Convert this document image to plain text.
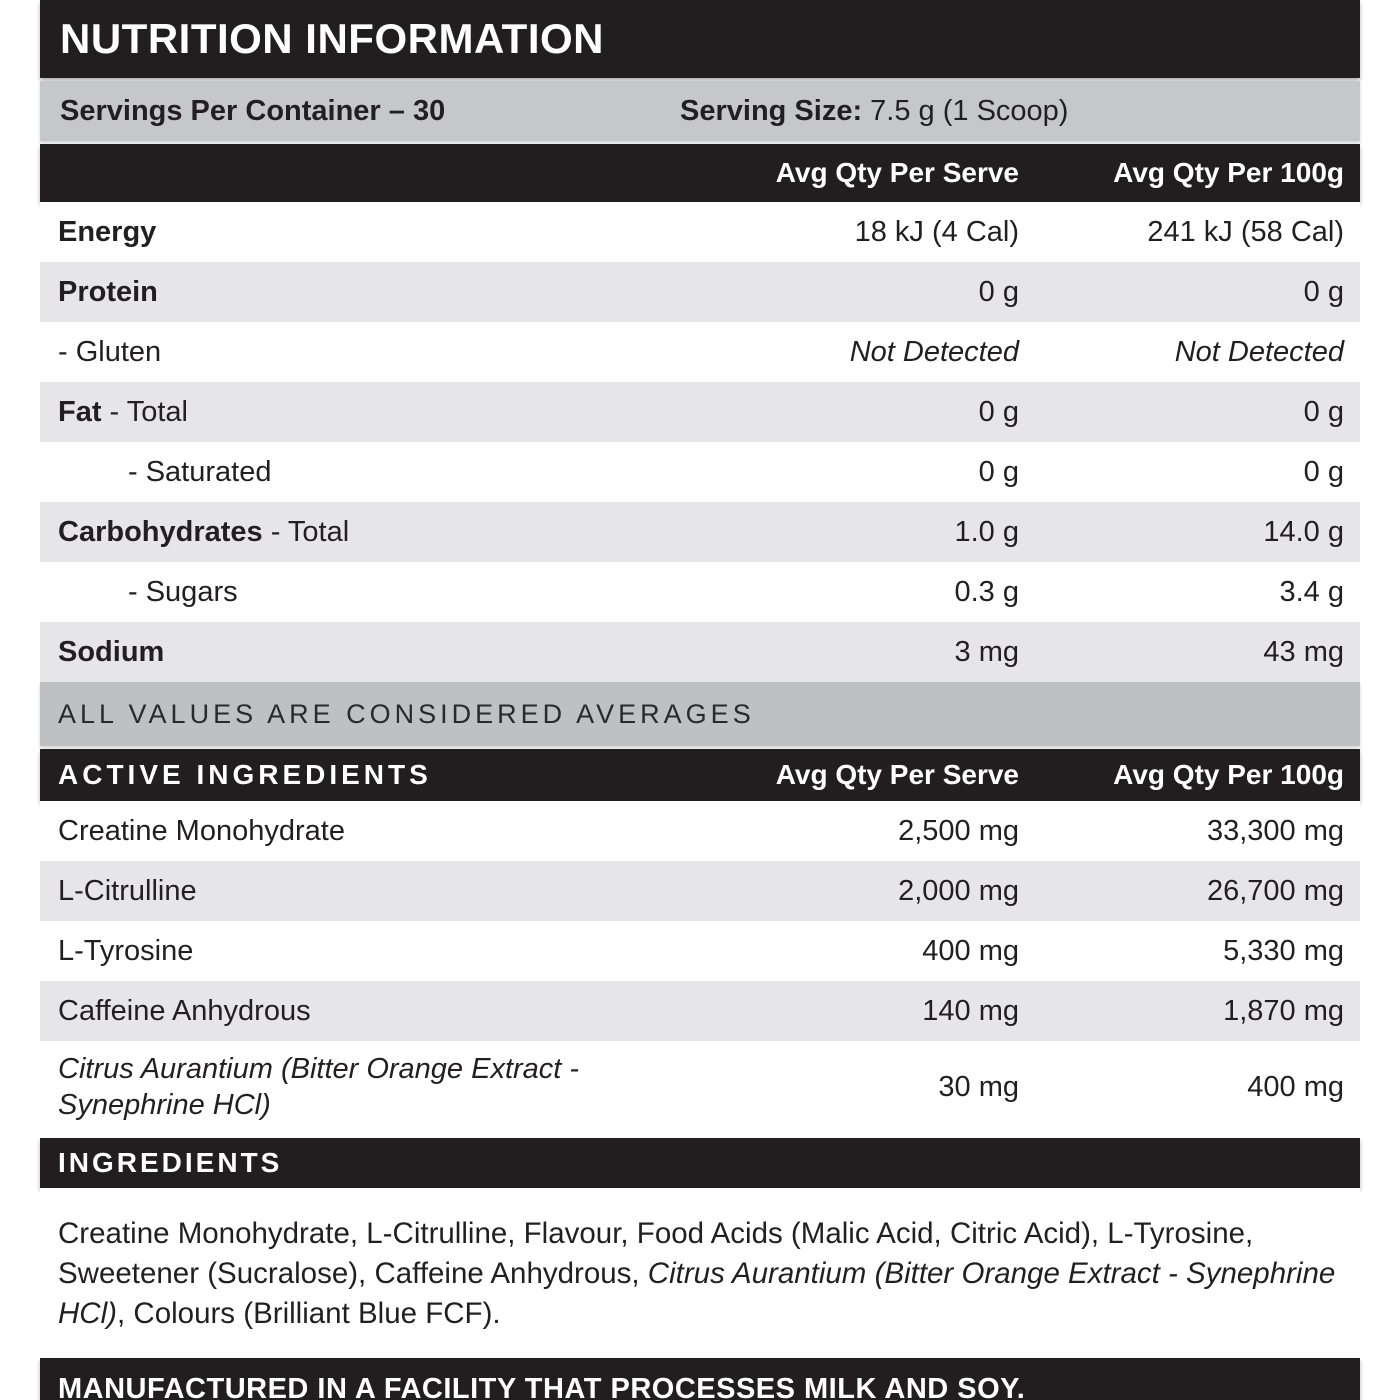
NUTRITION INFORMATION
Servings Per Container – 30	Serving Size: 7.5 g (1 Scoop)
Avg Qty Per Serve	Avg Qty Per 100g
Energy	18 kJ (4 Cal)	241 kJ (58 Cal)
Protein	0 g	0 g
- Gluten	Not Detected	Not Detected
Fat - Total	0 g	0 g
- Saturated	0 g	0 g
Carbohydrates - Total	1.0 g	14.0 g
- Sugars	0.3 g	3.4 g
Sodium	3 mg	43 mg
ALL VALUES ARE CONSIDERED AVERAGES
ACTIVE INGREDIENTS	Avg Qty Per Serve	Avg Qty Per 100g
Creatine Monohydrate	2,500 mg	33,300 mg
L-Citrulline	2,000 mg	26,700 mg
L-Tyrosine	400 mg	5,330 mg
Caffeine Anhydrous	140 mg	1,870 mg
Citrus Aurantium (Bitter Orange Extract - Synephrine HCl)
30 mg	400 mg
INGREDIENTS
Creatine Monohydrate, L-Citrulline, Flavour, Food Acids (Malic Acid, Citric Acid), L-Tyrosine, Sweetener (Sucralose), Caffeine Anhydrous, Citrus Aurantium (Bitter Orange Extract - Synephrine HCl), Colours (Brilliant Blue FCF).
MANUFACTURED IN A FACILITY THAT PROCESSES MILK AND SOY.
